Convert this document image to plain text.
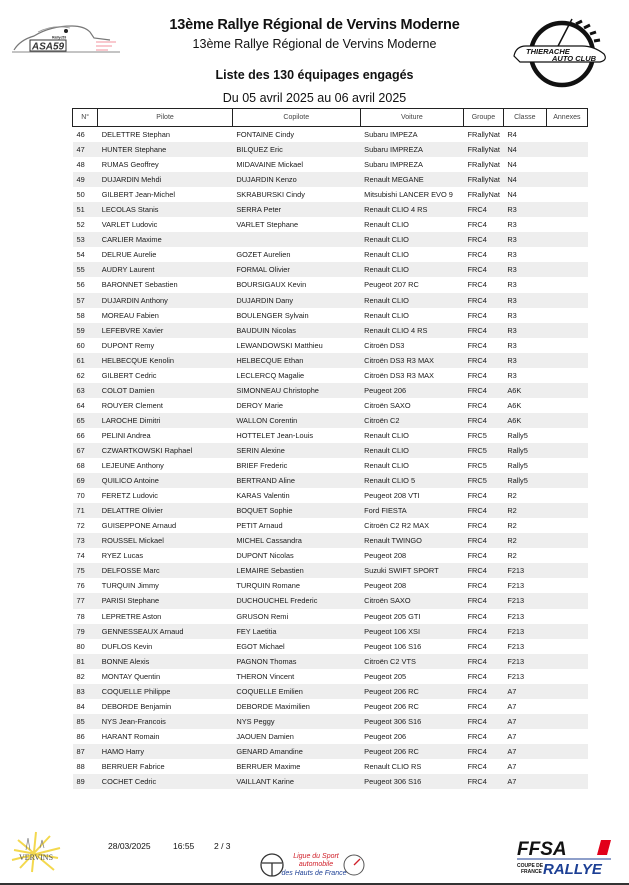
13ème Rallye Régional de Vervins Moderne
13ème Rallye Régional de Vervins Moderne
Liste des 130 équipages engagés
Du 05 avril 2025 au 06 avril 2025
ASA59
Rallye59
THIERACHE
AUTO CLUB
N°	Pilote	Copilote	Voiture	Groupe	Classe	Annexes
46	DELETTRE Stephan	FONTAINE Cindy	Subaru IMPEZA	FRallyNat	R4	
47	HUNTER Stephane	BILQUEZ Eric	Subaru IMPREZA	FRallyNat	N4	
48	RUMAS Geoffrey	MIDAVAINE Mickael	Subaru IMPREZA	FRallyNat	N4	
49	DUJARDIN Mehdi	DUJARDIN Kenzo	Renault MEGANE	FRallyNat	N4	
50	GILBERT Jean-Michel	SKRABURSKI Cindy	Mitsubishi LANCER EVO 9	FRallyNat	N4	
51	LECOLAS Stanis	SERRA Peter	Renault CLIO 4 RS	FRC4	R3	
52	VARLET Ludovic	VARLET Stephane	Renault CLIO	FRC4	R3	
53	CARLIER Maxime		Renault CLIO	FRC4	R3	
54	DELRUE Aurelie	GOZET Aurelien	Renault CLIO	FRC4	R3	
55	AUDRY Laurent	FORMAL Olivier	Renault CLIO	FRC4	R3	
56	BARONNET Sebastien	BOURSIGAUX Kevin	Peugeot 207 RC	FRC4	R3	
57	DUJARDIN Anthony	DUJARDIN Dany	Renault CLIO	FRC4	R3	
58	MOREAU Fabien	BOULENGER Sylvain	Renault CLIO	FRC4	R3	
59	LEFEBVRE Xavier	BAUDUIN Nicolas	Renault CLIO 4 RS	FRC4	R3	
60	DUPONT Remy	LEWANDOWSKI Matthieu	Citroën DS3	FRC4	R3	
61	HELBECQUE Kenolin	HELBECQUE Ethan	Citroën DS3 R3 MAX	FRC4	R3	
62	GILBERT Cedric	LECLERCQ Magalie	Citroën DS3 R3 MAX	FRC4	R3	
63	COLOT Damien	SIMONNEAU Christophe	Peugeot 206	FRC4	A6K	
64	ROUYER Clement	DEROY Marie	Citroën SAXO	FRC4	A6K	
65	LAROCHE Dimitri	WALLON Corentin	Citroën C2	FRC4	A6K	
66	PELINI Andrea	HOTTELET Jean-Louis	Renault CLIO	FRC5	Rally5	
67	CZWARTKOWSKI Raphael	SERIN Alexine	Renault CLIO	FRC5	Rally5	
68	LEJEUNE Anthony	BRIEF Frederic	Renault CLIO	FRC5	Rally5	
69	QUILICO Antoine	BERTRAND Aline	Renault CLIO 5	FRC5	Rally5	
70	FERETZ Ludovic	KARAS Valentin	Peugeot 208 VTI	FRC4	R2	
71	DELATTRE Olivier	BOQUET Sophie	Ford FIESTA	FRC4	R2	
72	GUISEPPONE Arnaud	PETIT Arnaud	Citroën C2 R2 MAX	FRC4	R2	
73	ROUSSEL Mickael	MICHEL Cassandra	Renault TWINGO	FRC4	R2	
74	RYEZ Lucas	DUPONT Nicolas	Peugeot 208	FRC4	R2	
75	DELFOSSE Marc	LEMAIRE Sebastien	Suzuki SWIFT SPORT	FRC4	F213	
76	TURQUIN Jimmy	TURQUIN Romane	Peugeot 208	FRC4	F213	
77	PARISI Stephane	DUCHOUCHEL Frederic	Citroën SAXO	FRC4	F213	
78	LEPRETRE Aston	GRUSON Remi	Peugeot 205 GTI	FRC4	F213	
79	GENNESSEAUX Arnaud	FEY Laetitia	Peugeot 106 XSI	FRC4	F213	
80	DUFLOS Kevin	EGOT Michael	Peugeot 106 S16	FRC4	F213	
81	BONNE Alexis	PAGNON Thomas	Citroën C2 VTS	FRC4	F213	
82	MONTAY Quentin	THERON Vincent	Peugeot 205	FRC4	F213	
83	COQUELLE Philippe	COQUELLE Emilien	Peugeot 206 RC	FRC4	A7	
84	DEBORDE Benjamin	DEBORDE Maximilien	Peugeot 206 RC	FRC4	A7	
85	NYS Jean-Francois	NYS Peggy	Peugeot 306 S16	FRC4	A7	
86	HARANT Romain	JAOUEN Damien	Peugeot 206	FRC4	A7	
87	HAMO Harry	GENARD Amandine	Peugeot 206 RC	FRC4	A7	
88	BERRUER Fabrice	BERRUER Maxime	Renault CLIO RS	FRC4	A7	
89	COCHET Cedric	VAILLANT Karine	Peugeot 306 S16	FRC4	A7	
VERVINS
28/03/2025	16:55 2 / 3
Ligue du Sport
automobile
des Hauts de France
FFSA
COUPE DE
FRANCE RALLYE
